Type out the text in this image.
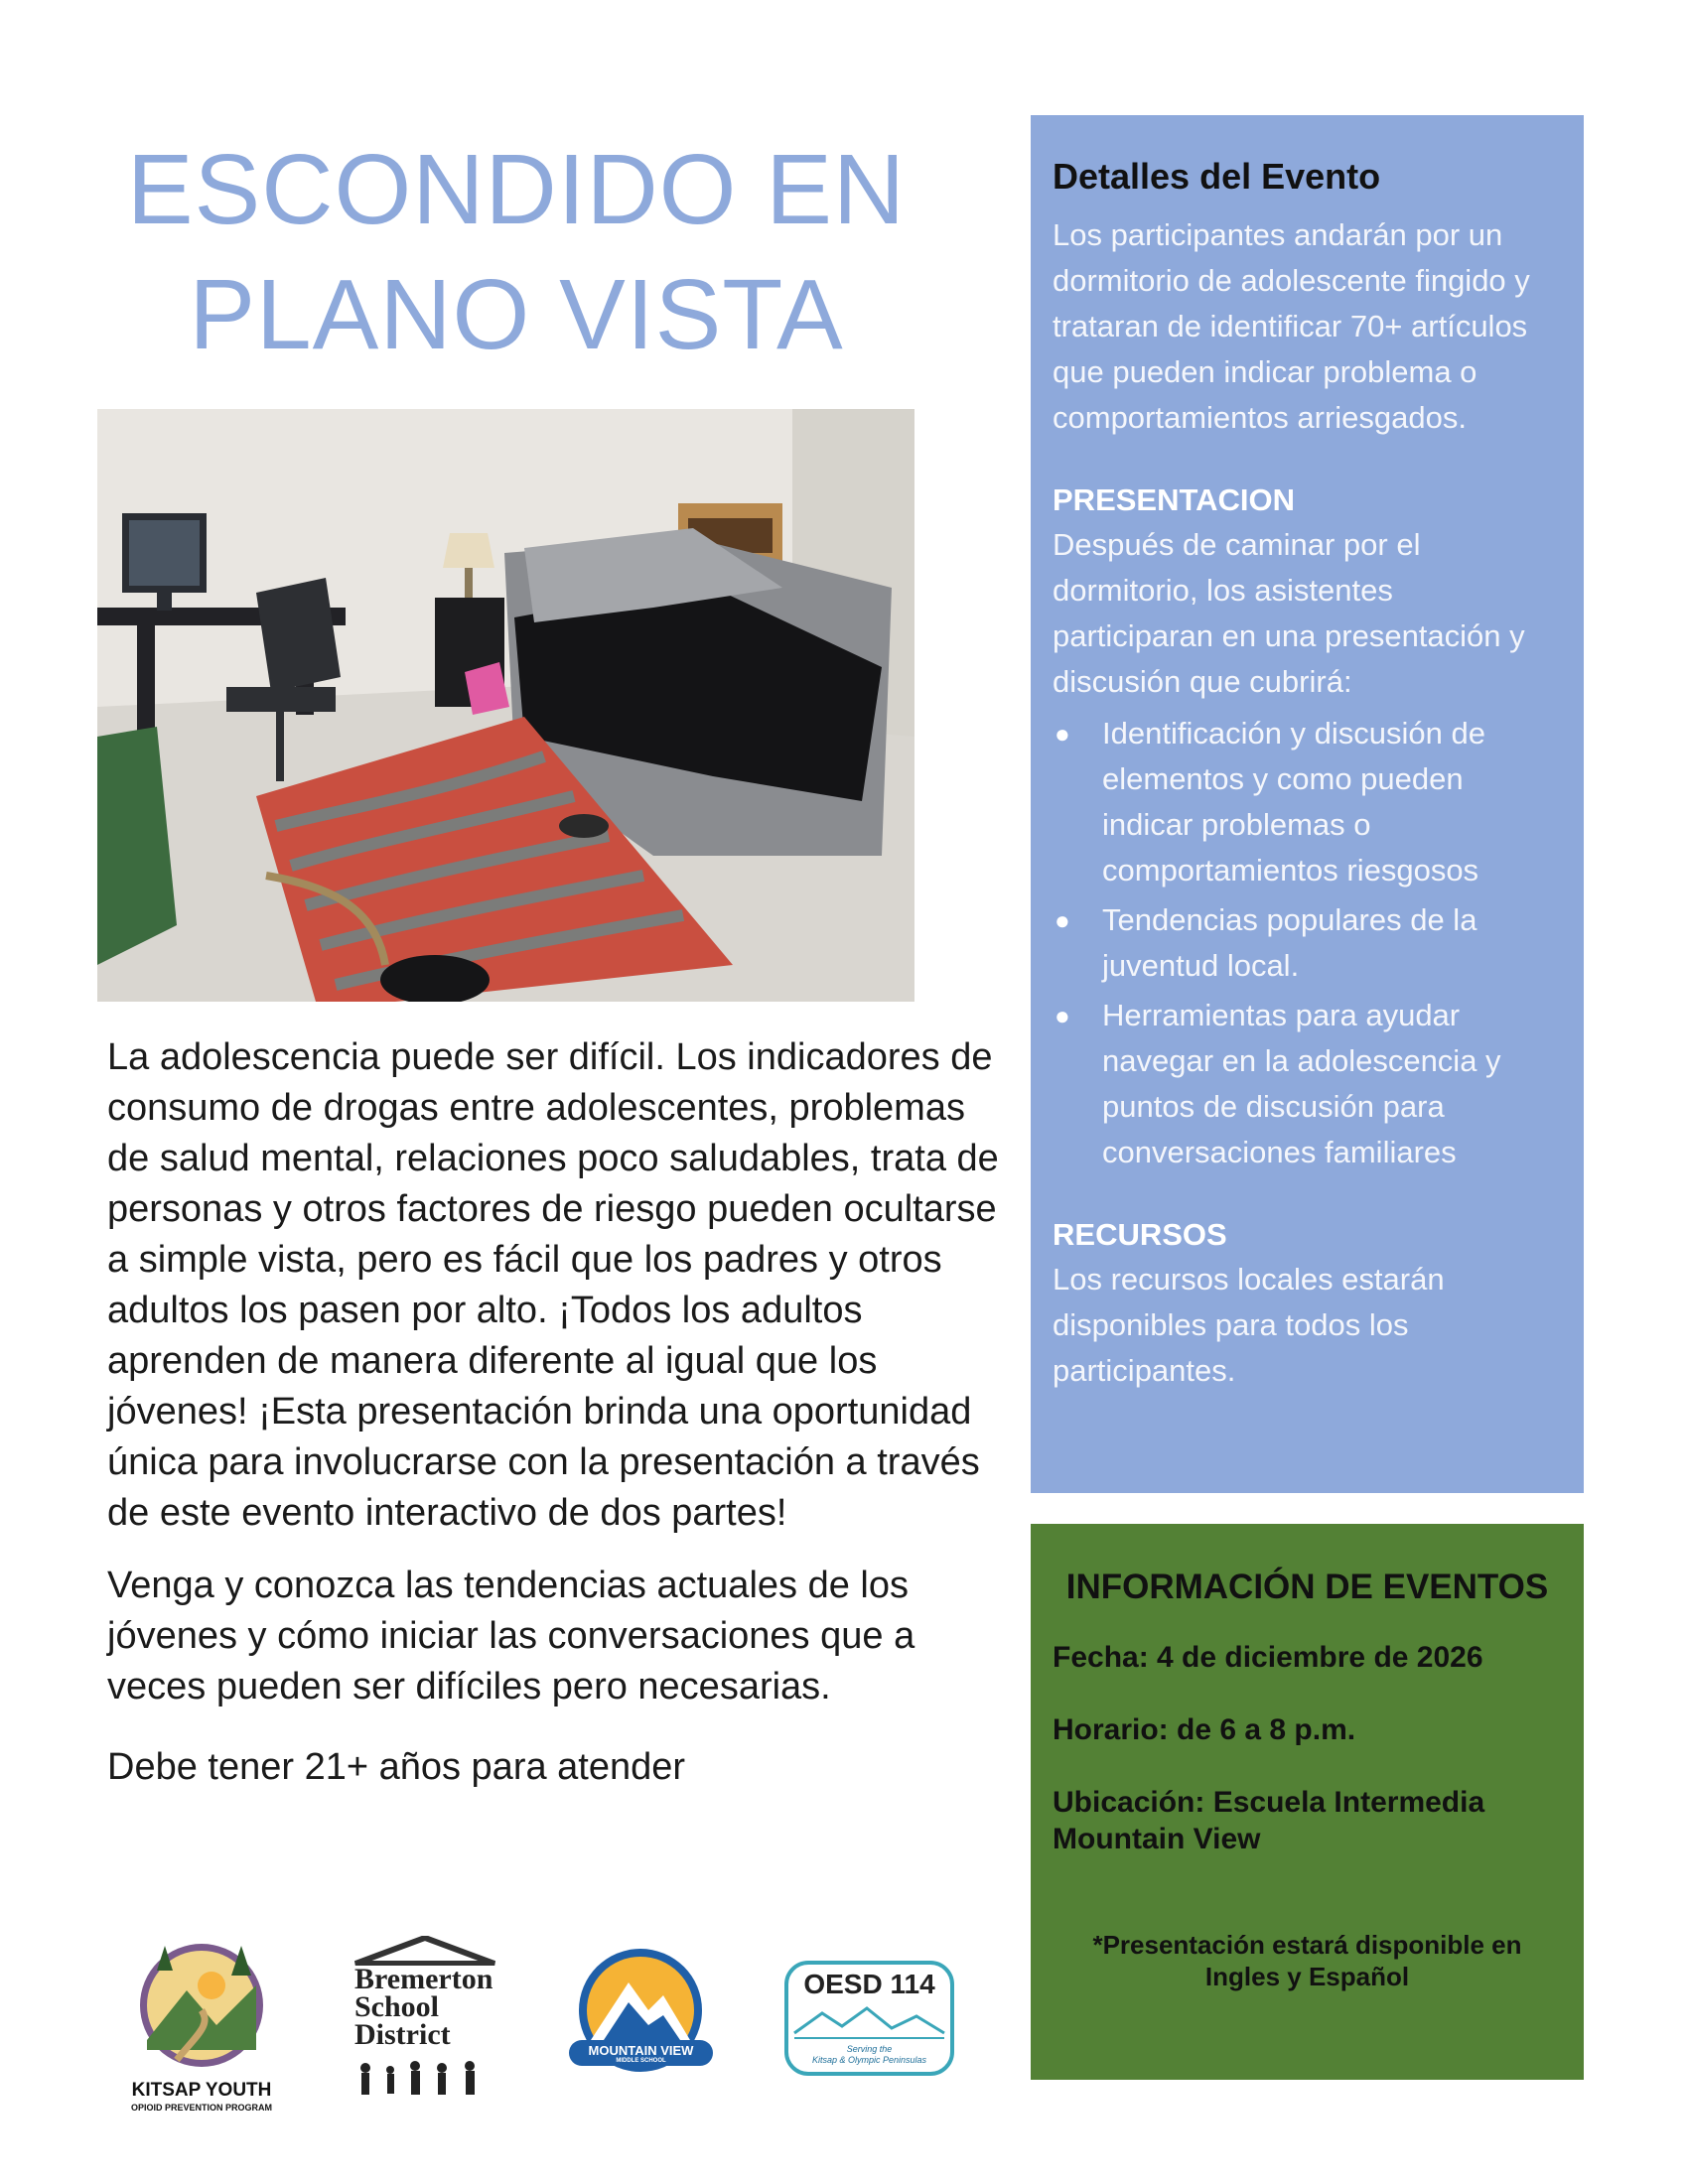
ESCONDIDO EN
PLANO VISTA

La adolescencia puede ser difícil. Los indicadores de consumo de drogas entre adolescentes, problemas de salud mental, relaciones poco saludables, trata de personas y otros factores de riesgo pueden ocultarse a simple vista, pero es fácil que los padres y otros adultos los pasen por alto. ¡Todos los adultos aprenden de manera diferente al igual que los jóvenes! ¡Esta presentación brinda una oportunidad única para involucrarse con la presentación a través de este evento interactivo de dos partes!

Venga y conozca las tendencias actuales de los jóvenes y cómo iniciar las conversaciones que a veces pueden ser difíciles pero necesarias.

Debe tener 21+ años para atender

Detalles del Evento

Los participantes andarán por un dormitorio de adolescente fingido y trataran de identificar 70+ artículos que pueden indicar problema o comportamientos arriesgados.

PRESENTACION

Después de caminar por el dormitorio, los asistentes participaran en una presentación y discusión que cubrirá:

● Identificación y discusión de elementos y como pueden indicar problemas o comportamientos riesgosos
● Tendencias populares de la juventud local.
● Herramientas para ayudar navegar en la adolescencia y puntos de discusión para conversaciones familiares
RECURSOS

Los recursos locales estarán disponibles para todos los participantes.

INFORMACIÓN DE EVENTOS
Fecha: 4 de diciembre de 2026
Horario: de 6 a 8 p.m.
Ubicación: Escuela Intermedia Mountain View
*Presentación estará disponible en Ingles y Español
KITSAP YOUTH
OPIOID PREVENTION PROGRAM
Bremerton
School
District	MOUNTAIN VIEW
MIDDLE SCHOOL
OESD 114
Serving the
Kitsap & Olympic Peninsulas
